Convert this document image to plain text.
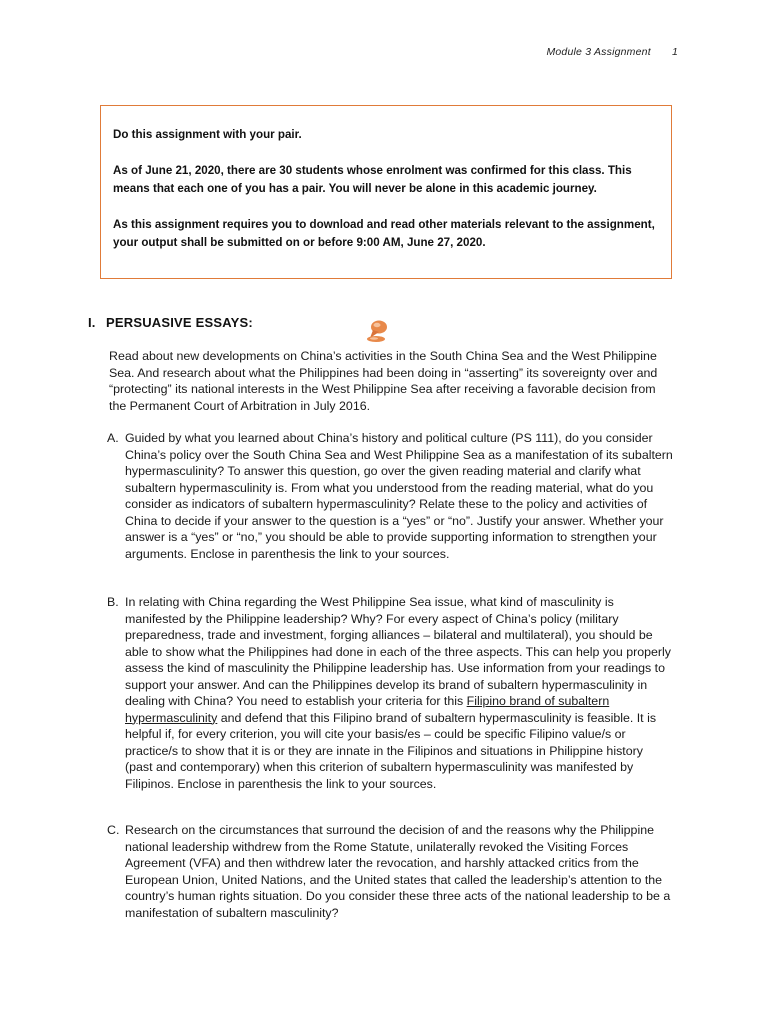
Module 3 Assignment 1

Do this assignment with your pair.

As of June 21, 2020, there are 30 students whose enrolment was confirmed for this class. This means that each one of you has a pair. You will never be alone in this academic journey.

As this assignment requires you to download and read other materials relevant to the assignment, your output shall be submitted on or before 9:00 AM, June 27, 2020.

I. PERSUASIVE ESSAYS:
Read about new developments on China’s activities in the South China Sea and the West Philippine Sea. And research about what the Philippines had been doing in “asserting” its sovereignty over and “protecting” its national interests in the West Philippine Sea after receiving a favorable decision from the Permanent Court of Arbitration in July 2016.
A. Guided by what you learned about China’s history and political culture (PS 111), do you consider China’s policy over the South China Sea and West Philippine Sea as a manifestation of its subaltern hypermasculinity? To answer this question, go over the given reading material and clarify what subaltern hypermasculinity is. From what you understood from the reading material, what do you consider as indicators of subaltern hypermasculinity? Relate these to the policy and activities of China to decide if your answer to the question is a “yes” or “no”. Justify your answer. Whether your answer is a “yes” or “no,” you should be able to provide supporting information to strengthen your arguments. Enclose in parenthesis the link to your sources.
B. In relating with China regarding the West Philippine Sea issue, what kind of masculinity is manifested by the Philippine leadership? Why? For every aspect of China’s policy (military preparedness, trade and investment, forging alliances – bilateral and multilateral), you should be able to show what the Philippines had done in each of the three aspects. This can help you properly assess the kind of masculinity the Philippine leadership has. Use information from your readings to support your answer. And can the Philippines develop its brand of subaltern hypermasculinity in dealing with China? You need to establish your criteria for this Filipino brand of subaltern hypermasculinity and defend that this Filipino brand of subaltern hypermasculinity is feasible. It is helpful if, for every criterion, you will cite your basis/es – could be specific Filipino value/s or practice/s to show that it is or they are innate in the Filipinos and situations in Philippine history (past and contemporary) when this criterion of subaltern hypermasculinity was manifested by Filipinos. Enclose in parenthesis the link to your sources.
C. Research on the circumstances that surround the decision of and the reasons why the Philippine national leadership withdrew from the Rome Statute, unilaterally revoked the Visiting Forces Agreement (VFA) and then withdrew later the revocation, and harshly attacked critics from the European Union, United Nations, and the United states that called the leadership’s attention to the country’s human rights situation. Do you consider these three acts of the national leadership to be a manifestation of subaltern masculinity?
